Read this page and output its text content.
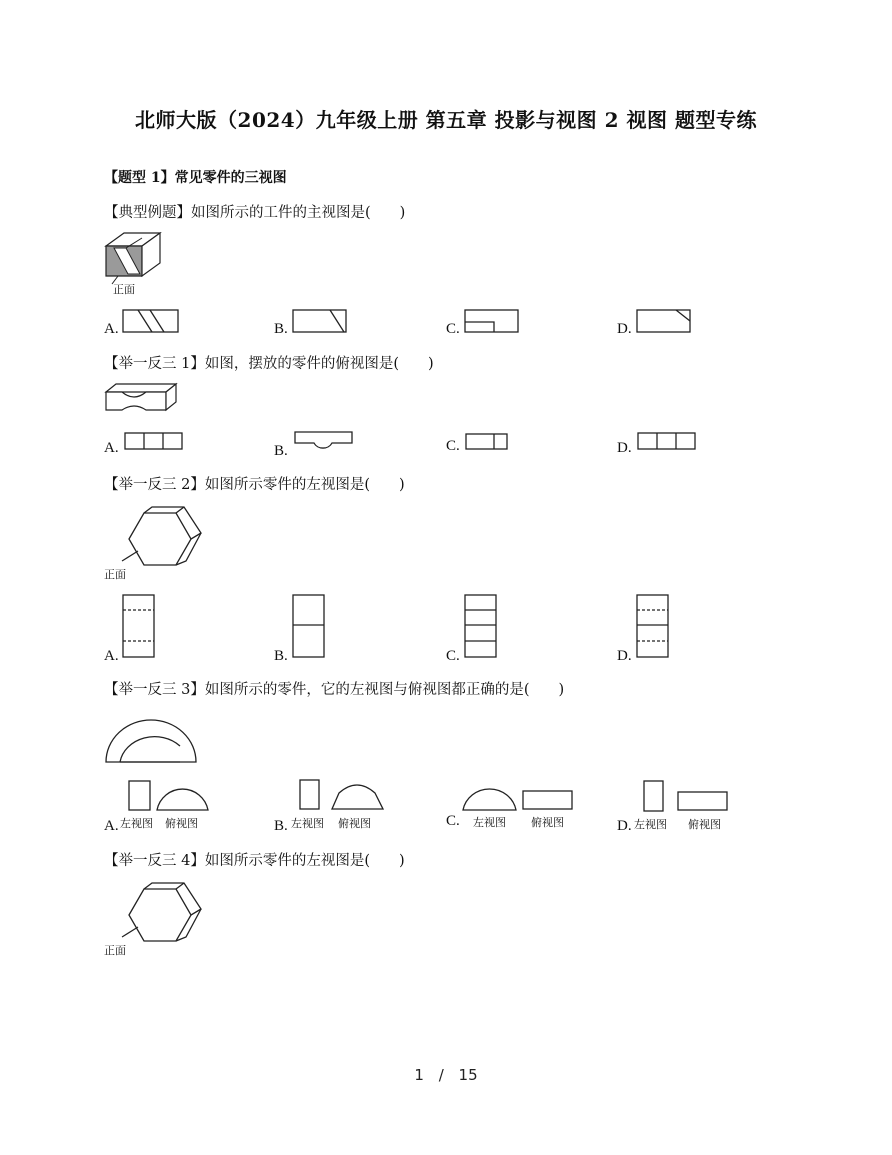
北师大版（2024）九年级上册 第五章 投影与视图 2 视图 题型专练
【题型 1】常见零件的三视图
【典型例题】如图所示的工件的主视图是(　　)
正面
A.	B.	C.	D.
【举一反三 1】如图，摆放的零件的俯视图是(　　)
A.	B.	C.	D.
【举一反三 2】如图所示零件的左视图是(　　)
正面
A.	B.	C.	D.
【举一反三 3】如图所示的零件，它的左视图与俯视图都正确的是(　　)
A. 左视图 俯视图	B. 左视图 俯视图	C. 左视图 俯视图	D. 左视图 俯视图
【举一反三 4】如图所示零件的左视图是(　　)
正面
1 / 15
